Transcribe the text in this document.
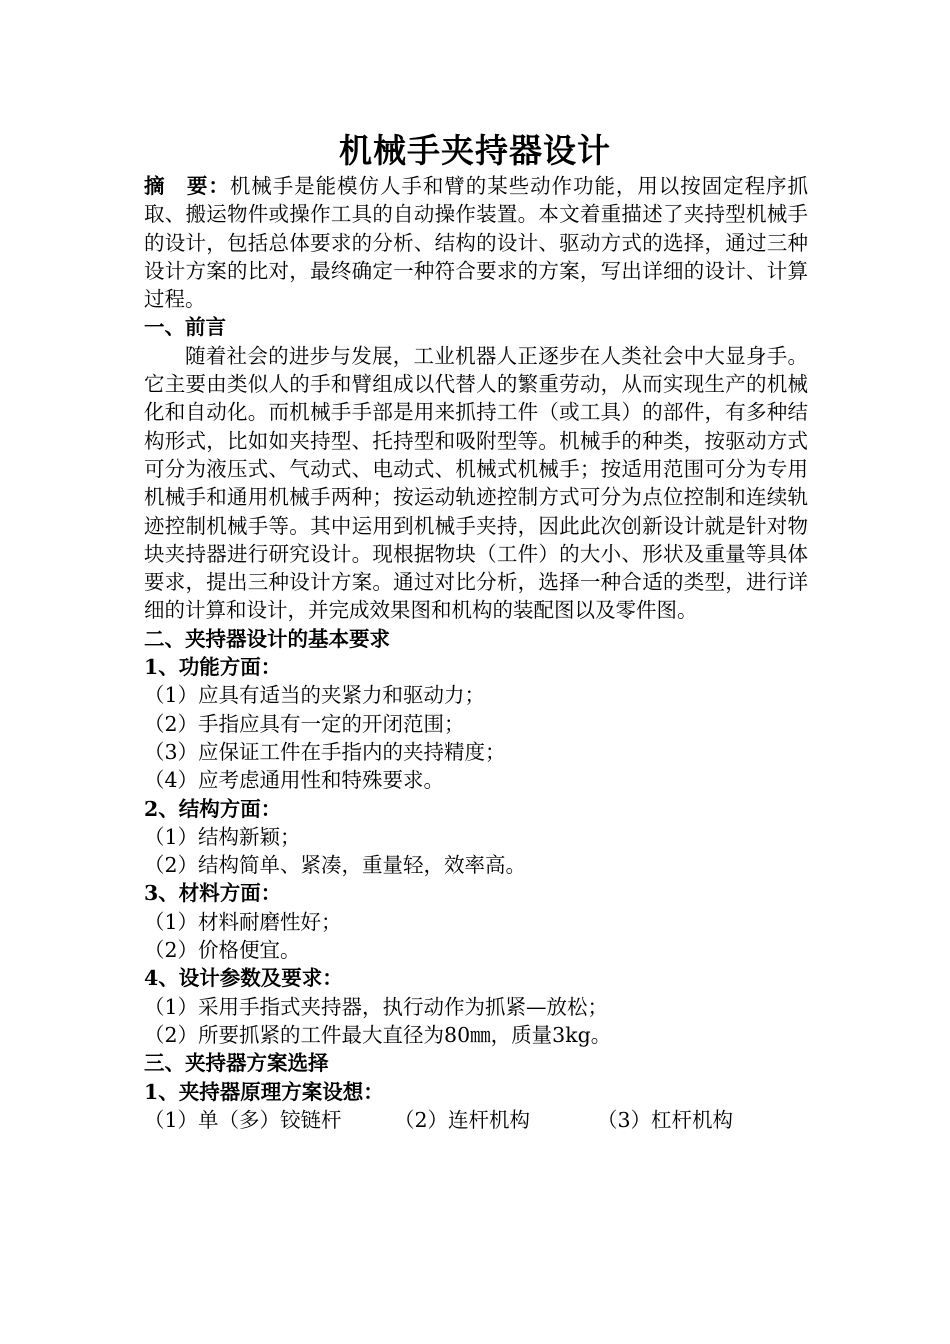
机械手夹持器设计

摘　要：机械手是能模仿人手和臂的某些动作功能，用以按固定程序抓取、搬运物件或操作工具的自动操作装置。本文着重描述了夹持型机械手的设计，包括总体要求的分析、结构的设计、驱动方式的选择，通过三种设计方案的比对，最终确定一种符合要求的方案，写出详细的设计、计算过程。

一、前言

随着社会的进步与发展，工业机器人正逐步在人类社会中大显身手。它主要由类似人的手和臂组成以代替人的繁重劳动，从而实现生产的机械化和自动化。而机械手手部是用来抓持工件（或工具）的部件，有多种结构形式，比如如夹持型、托持型和吸附型等。机械手的种类，按驱动方式可分为液压式、气动式、电动式、机械式机械手；按适用范围可分为专用机械手和通用机械手两种；按运动轨迹控制方式可分为点位控制和连续轨迹控制机械手等。其中运用到机械手夹持，因此此次创新设计就是针对物块夹持器进行研究设计。现根据物块（工件）的大小、形状及重量等具体要求，提出三种设计方案。通过对比分析，选择一种合适的类型，进行详细的计算和设计，并完成效果图和机构的装配图以及零件图。

二、夹持器设计的基本要求

1、功能方面：

（1）应具有适当的夹紧力和驱动力；

（2）手指应具有一定的开闭范围；

（3）应保证工件在手指内的夹持精度；

（4）应考虑通用性和特殊要求。

2、结构方面：

（1）结构新颖；

（2）结构简单、紧凑，重量轻，效率高。

3、材料方面：

（1）材料耐磨性好；

（2）价格便宜。

4、设计参数及要求：

（1）采用手指式夹持器，执行动作为抓紧—放松；

（2）所要抓紧的工件最大直径为80㎜，质量3kg。

三、夹持器方案选择

1、夹持器原理方案设想：

（1）单（多）铰链杆	（2）连杆机构	（3）杠杆机构
